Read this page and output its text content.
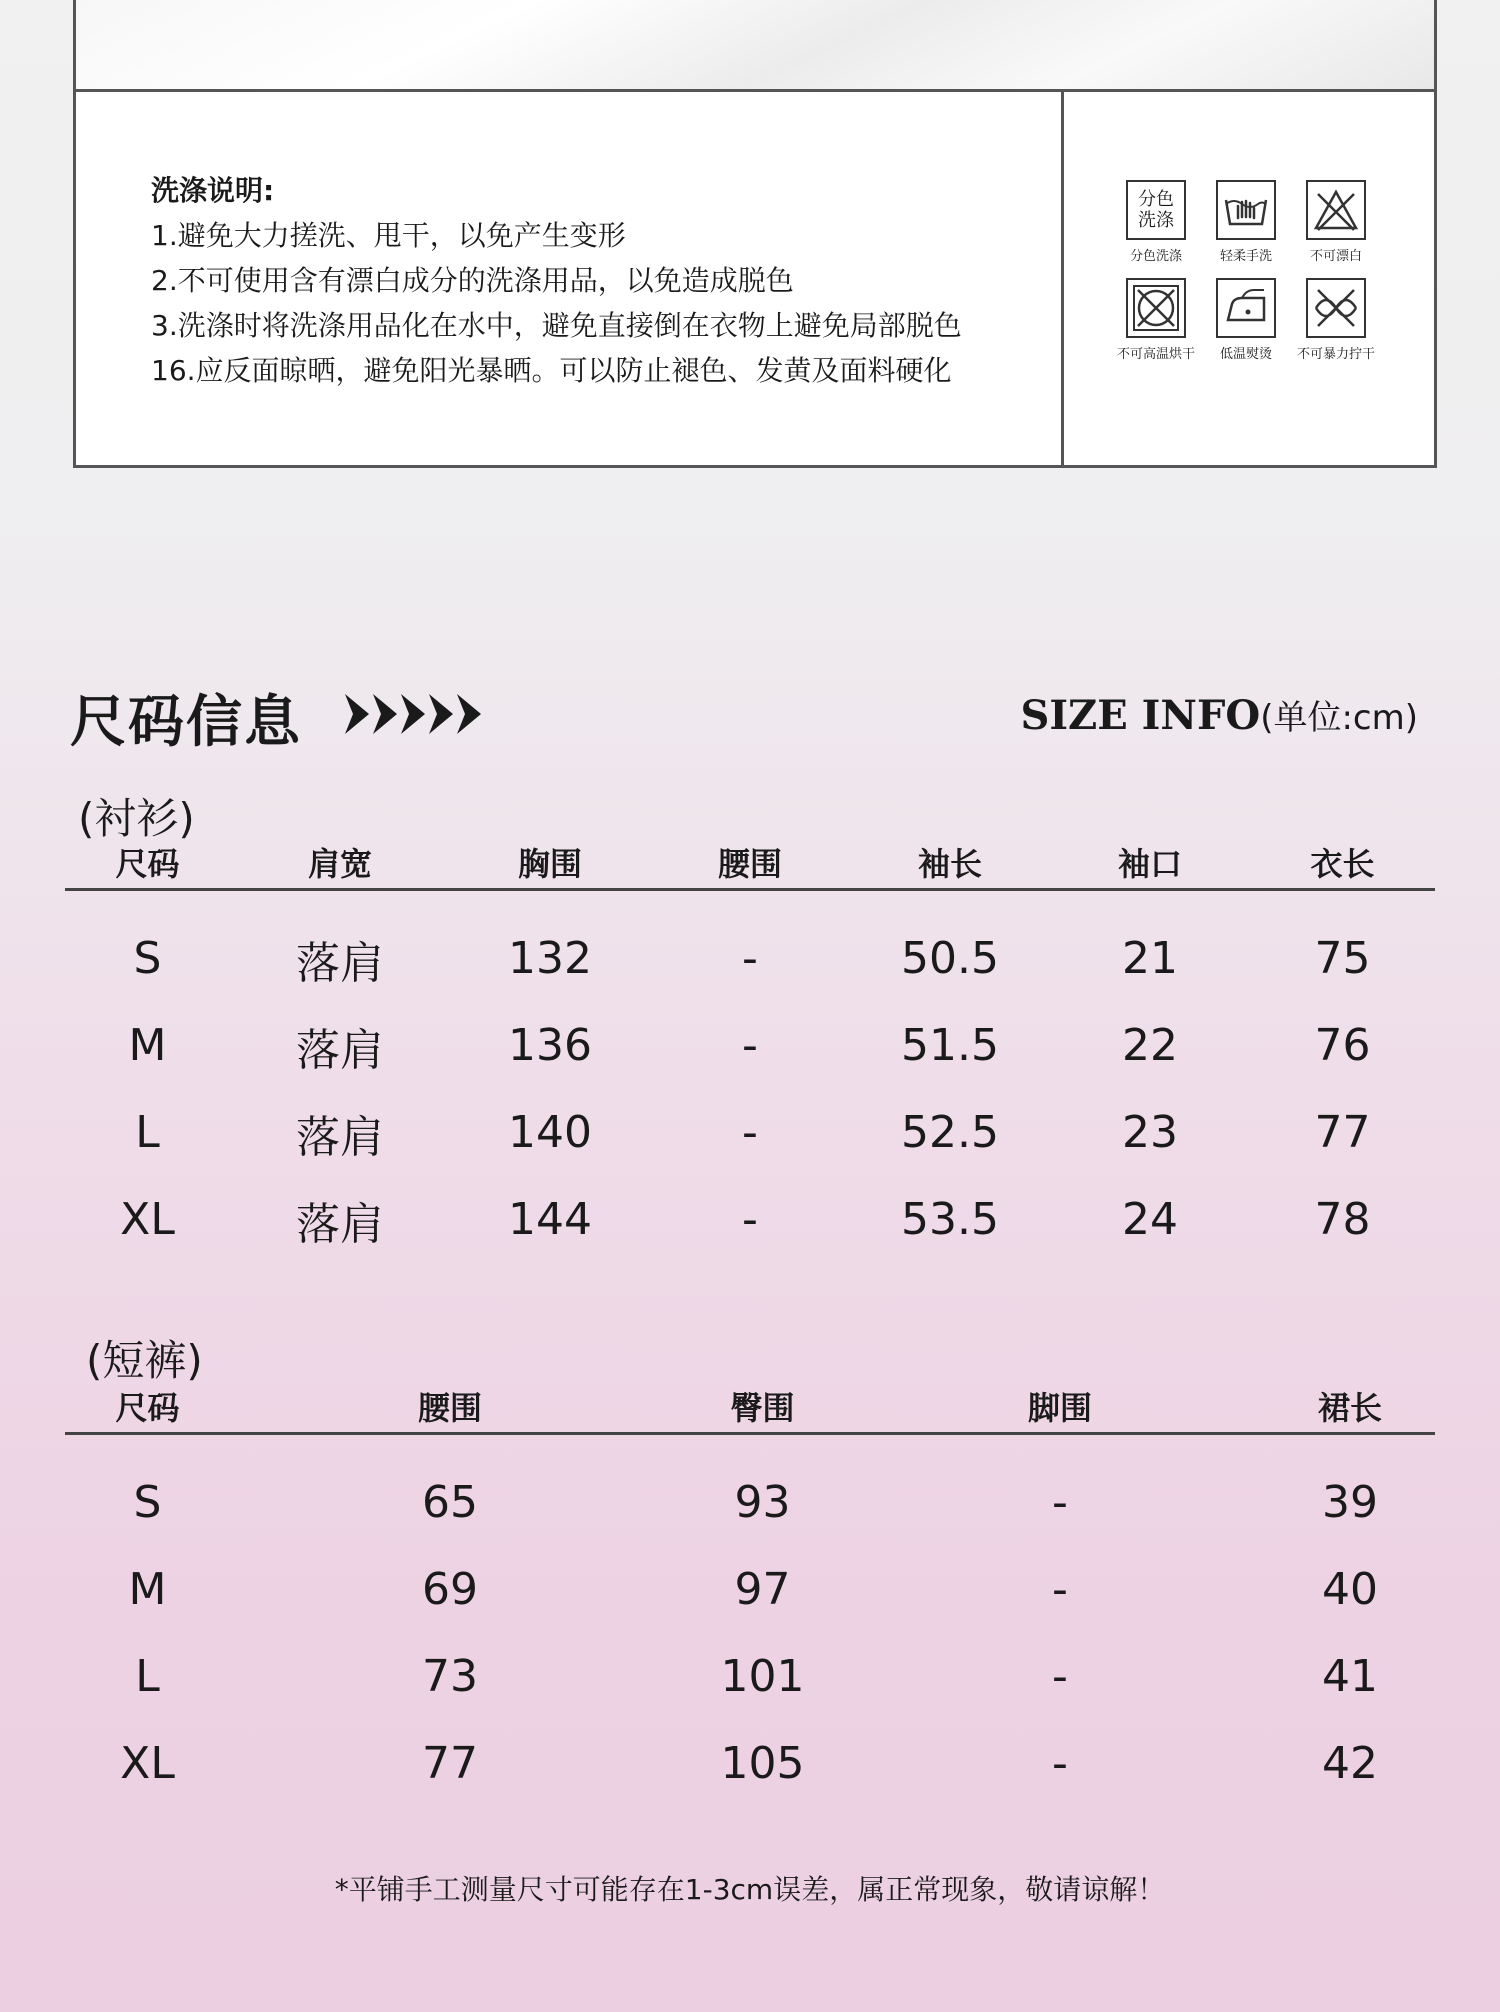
洗涤说明:
1.避免大力搓洗、甩干，以免产生变形
2.不可使用含有漂白成分的洗涤用品，以免造成脱色
3.洗涤时将洗涤用品化在水中，避免直接倒在衣物上避免局部脱色
16.应反面晾晒，避免阳光暴晒。可以防止褪色、发黄及面料硬化
分色洗涤
分色洗涤	轻柔手洗	不可漂白
不可高温烘干 低温熨烫 不可暴力拧干
尺码信息	SIZE INFO(单位:cm)
(衬衫)
尺码	肩宽	胸围	腰围	袖长	袖口	衣长
S	落肩	132	-	50.5	21	75
M	落肩	136	-	51.5	22	76
L	落肩	140	-	52.5	23	77
XL	落肩	144	-	53.5	24	78
(短裤)
尺码	腰围	臀围	脚围	裙长
S	65	93	-	39
M	69	97	-	40
L	73	101	-	41
XL	77	105	-	42
*平铺手工测量尺寸可能存在1-3cm误差，属正常现象，敬请谅解！
